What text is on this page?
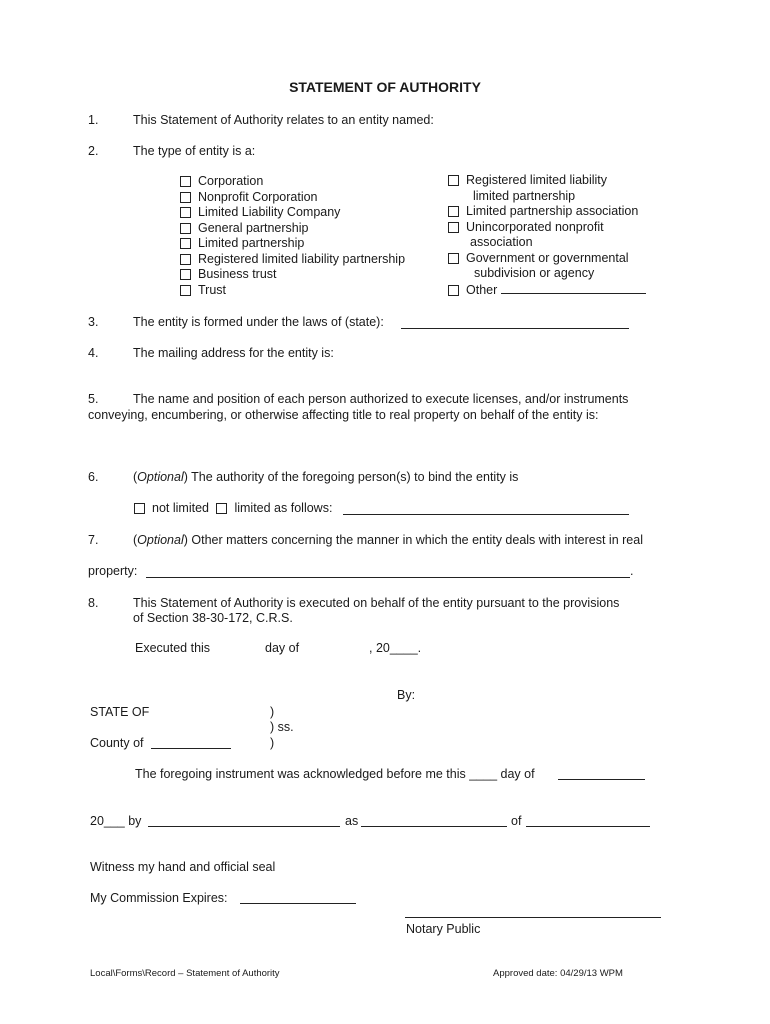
STATEMENT OF AUTHORITY
1.	This Statement of Authority relates to an entity named:
2.	The type of entity is a:
Corporation
Nonprofit Corporation
Limited Liability Company
General partnership
Limited partnership
Registered limited liability partnership
Business trust
Trust
Registered limited liability
limited partnership
Limited partnership association
Unincorporated nonprofit
association
Government or governmental
subdivision or agency
Other
3.	The entity is formed under the laws of (state):
4.	The mailing address for the entity is:
5.	The name and position of each person authorized to execute licenses, and/or instruments
conveying, encumbering, or otherwise affecting title to real property on behalf of the entity is:
6.	(Optional) The authority of the foregoing person(s) to bind the entity is
not limited limited as follows:
7.	(Optional) Other matters concerning the manner in which the entity deals with interest in real
property:	.
8.	This Statement of Authority is executed on behalf of the entity pursuant to the provisions
of Section 38-30-172, C.R.S.
Executed this	day of	, 20____.
By:
STATE OF	)
) ss.
County of	)
The foregoing instrument was acknowledged before me this ____ day of
20___ by	as	of
Witness my hand and official seal
My Commission Expires:
Notary Public
Local\Forms\Record – Statement of Authority	Approved date: 04/29/13 WPM
